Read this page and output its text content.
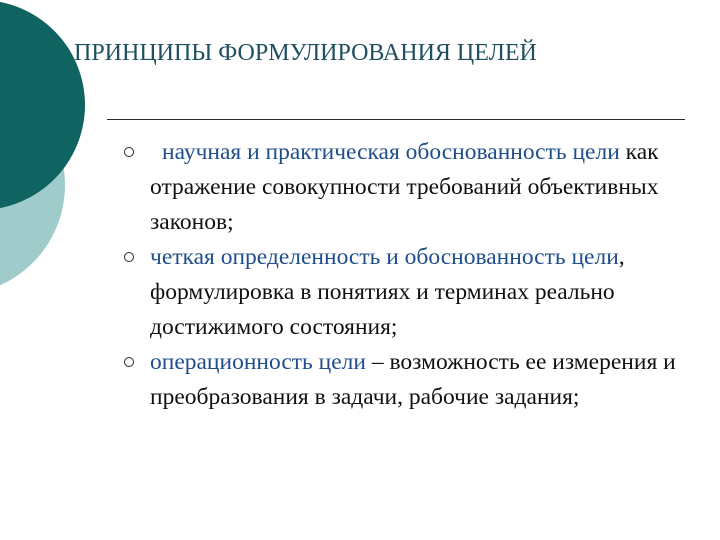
ПРИНЦИПЫ ФОРМУЛИРОВАНИЯ ЦЕЛЕЙ
научная и практическая обоснованность цели как отражение совокупности требований объективных законов;
четкая определенность и обоснованность цели, формулировка в понятиях и терминах реально достижимого состояния;
операционность цели – возможность ее измерения и преобразования в задачи, рабочие задания;
